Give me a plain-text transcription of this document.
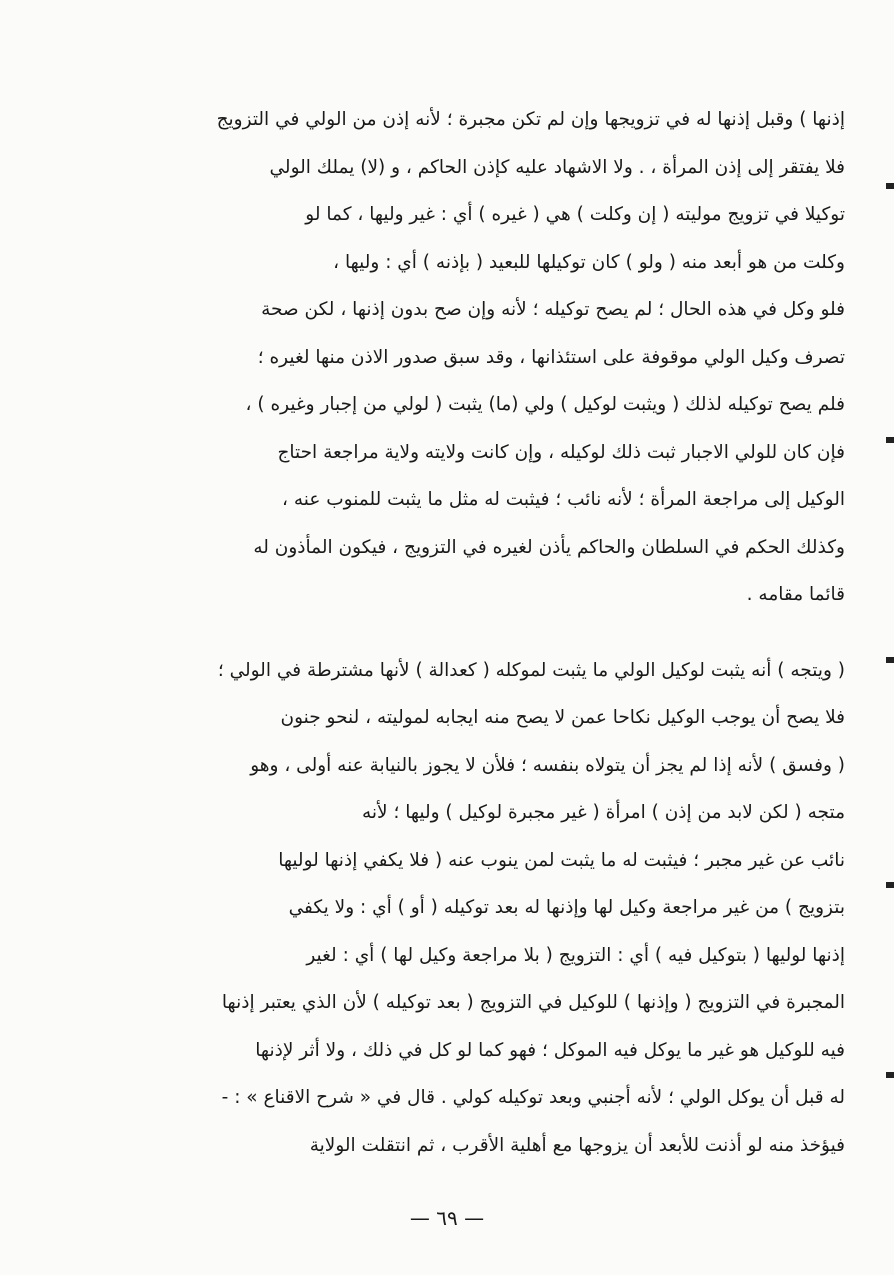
إذنها ) وقبل إذنها له في تزويجها وإن لم تكن مجبرة ؛ لأنه إذن من الولي في التزويج
فلا يفتقر إلى إذن المرأة ، . ولا الاشهاد عليه كإذن الحاكم ، و (لا) يملك الولي
توكيلا في تزويج موليته ( إن وكلت ) هي ( غيره ) أي : غير وليها ، كما لو
وكلت من هو أبعد منه ( ولو ) كان توكيلها للبعيد ( بإذنه ) أي : وليها ،
فلو وكل في هذه الحال ؛ لم يصح توكيله ؛ لأنه وإن صح بدون إذنها ، لكن صحة
تصرف وكيل الولي موقوفة على استئذانها ، وقد سبق صدور الاذن منها لغيره ؛
فلم يصح توكيله لذلك ( ويثبت لوكيل ) ولي (ما) يثبت ( لولي من إجبار وغيره ) ،
فإن كان للولي الاجبار ثبت ذلك لوكيله ، وإن كانت ولايته ولاية مراجعة احتاج
الوكيل إلى مراجعة المرأة ؛ لأنه نائب ؛ فيثبت له مثل ما يثبت للمنوب عنه ،
وكذلك الحكم في السلطان والحاكم يأذن لغيره في التزويج ، فيكون المأذون له
قائما مقامه .
( ويتجه ) أنه يثبت لوكيل الولي ما يثبت لموكله ( كعدالة ) لأنها مشترطة في الولي ؛
فلا يصح أن يوجب الوكيل نكاحا عمن لا يصح منه ايجابه لموليته ، لنحو جنون
( وفسق ) لأنه إذا لم يجز أن يتولاه بنفسه ؛ فلأن لا يجوز بالنيابة عنه أولى ، وهو
متجه ( لكن لابد من إذن ) امرأة ( غير مجبرة لوكيل ) وليها ؛ لأنه
نائب عن غير مجبر ؛ فيثبت له ما يثبت لمن ينوب عنه ( فلا يكفي إذنها لوليها
بتزويج ) من غير مراجعة وكيل لها وإذنها له بعد توكيله ( أو ) أي : ولا يكفي
إذنها لوليها ( بتوكيل فيه ) أي : التزويج ( بلا مراجعة وكيل لها ) أي : لغير
المجبرة في التزويج ( وإذنها ) للوكيل في التزويج ( بعد توكيله ) لأن الذي يعتبر إذنها
فيه للوكيل هو غير ما يوكل فيه الموكل ؛ فهو كما لو كل في ذلك ، ولا أثر لإذنها
له قبل أن يوكل الولي ؛ لأنه أجنبي وبعد توكيله كولي . قال في « شرح الاقناع » : -
فيؤخذ منه لو أذنت للأبعد أن يزوجها مع أهلية الأقرب ، ثم انتقلت الولاية
— ٦٩ —
